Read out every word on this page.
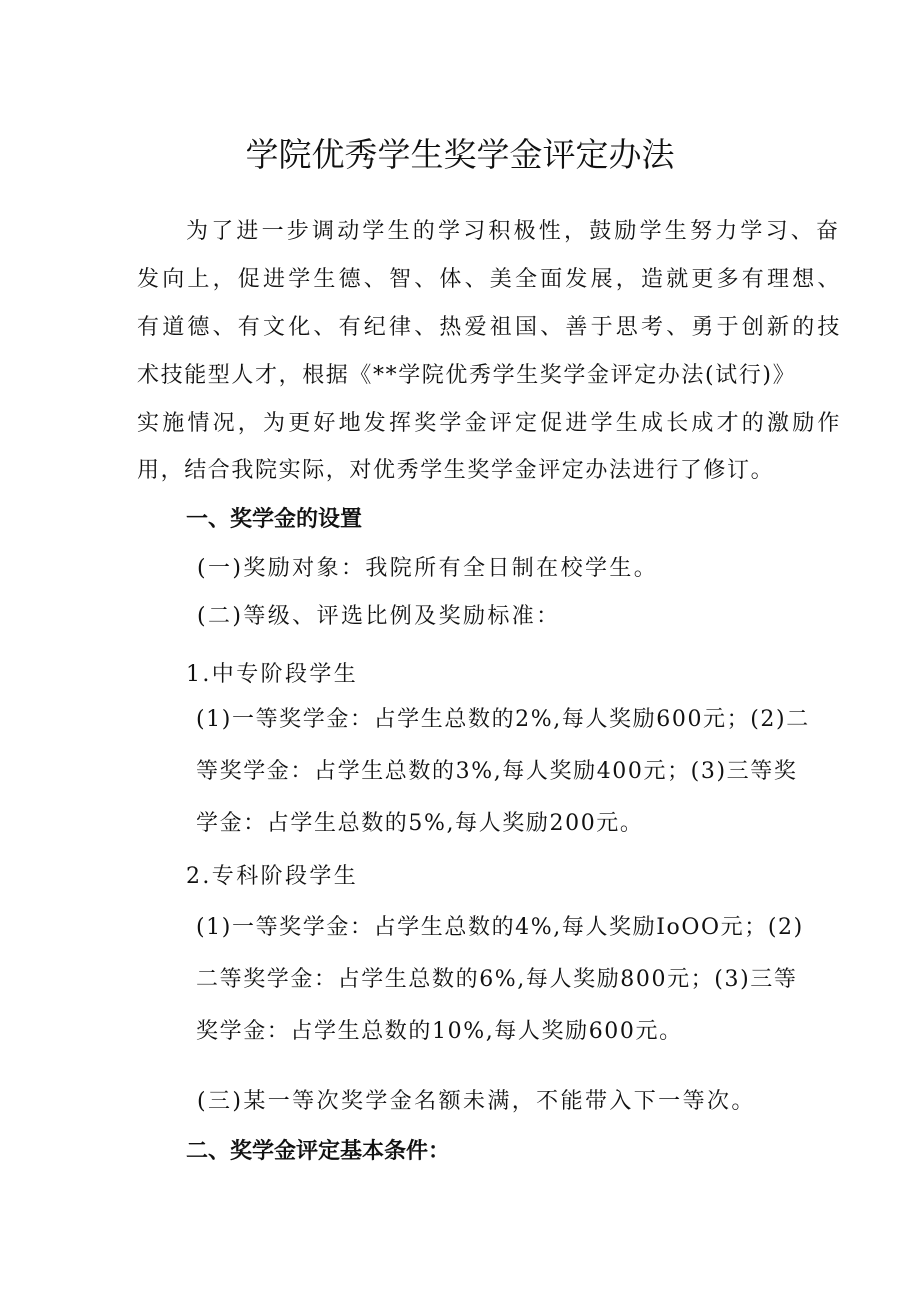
学院优秀学生奖学金评定办法
为了进一步调动学生的学习积极性，鼓励学生努力学习、奋
发向上，促进学生德、智、体、美全面发展，造就更多有理想、
有道德、有文化、有纪律、热爱祖国、善于思考、勇于创新的技
术技能型人才，根据《**学院优秀学生奖学金评定办法(试行)》
实施情况，为更好地发挥奖学金评定促进学生成长成才的激励作
用，结合我院实际，对优秀学生奖学金评定办法进行了修订。
一、奖学金的设置
(一)奖励对象：我院所有全日制在校学生。
(二)等级、评选比例及奖励标准：
1.中专阶段学生
(1)一等奖学金：占学生总数的2%,每人奖励600元；(2)二
等奖学金：占学生总数的3%,每人奖励400元；(3)三等奖
学金：占学生总数的5%,每人奖励200元。
2.专科阶段学生
(1)一等奖学金：占学生总数的4%,每人奖励IoOO元；(2)
二等奖学金：占学生总数的6%,每人奖励800元；(3)三等
奖学金：占学生总数的10%,每人奖励600元。
(三)某一等次奖学金名额未满，不能带入下一等次。
二、奖学金评定基本条件：
